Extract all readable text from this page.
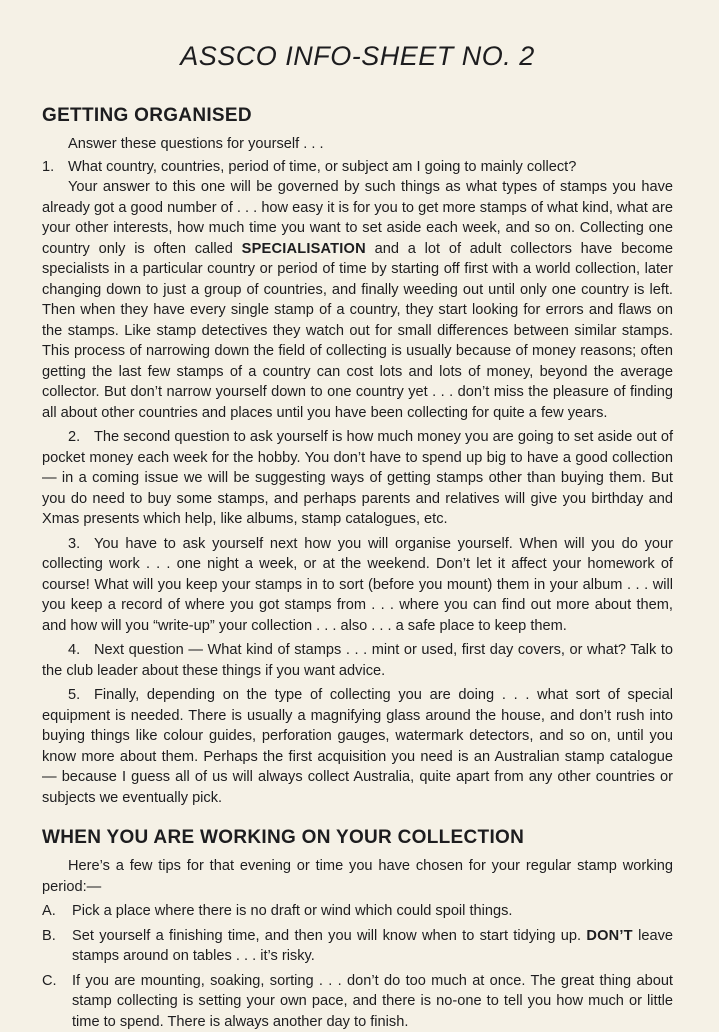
ASSCO INFO-SHEET NO. 2
GETTING ORGANISED

Answer these questions for yourself . . .

1. What country, countries, period of time, or subject am I going to mainly collect?

Your answer to this one will be governed by such things as what types of stamps you have already got a good number of . . . how easy it is for you to get more stamps of what kind, what are your other interests, how much time you want to set aside each week, and so on. Collecting one country only is often called SPECIALISATION and a lot of adult collectors have become specialists in a particular country or period of time by starting off first with a world collection, later changing down to just a group of countries, and finally weeding out until only one country is left. Then when they have every single stamp of a country, they start looking for errors and flaws on the stamps. Like stamp detectives they watch out for small differences between similar stamps. This process of narrowing down the field of collecting is usually because of money reasons; often getting the last few stamps of a country can cost lots and lots of money, beyond the average collector. But don’t narrow yourself down to one country yet . . . don’t miss the pleasure of finding all about other countries and places until you have been collecting for quite a few years.

2. The second question to ask yourself is how much money you are going to set aside out of pocket money each week for the hobby. You don’t have to spend up big to have a good collection — in a coming issue we will be suggesting ways of getting stamps other than buying them. But you do need to buy some stamps, and perhaps parents and relatives will give you birthday and Xmas presents which help, like albums, stamp catalogues, etc.

3. You have to ask yourself next how you will organise yourself. When will you do your collecting work . . . one night a week, or at the weekend. Don’t let it affect your homework of course! What will you keep your stamps in to sort (before you mount) them in your album . . . will you keep a record of where you got stamps from . . . where you can find out more about them, and how will you “write-up” your collection . . . also . . . a safe place to keep them.

4. Next question — What kind of stamps . . . mint or used, first day covers, or what? Talk to the club leader about these things if you want advice.

5. Finally, depending on the type of collecting you are doing . . . what sort of special equipment is needed. There is usually a magnifying glass around the house, and don’t rush into buying things like colour guides, perforation gauges, watermark detectors, and so on, until you know more about them. Perhaps the first acquisition you need is an Australian stamp catalogue — because I guess all of us will always collect Australia, quite apart from any other countries or subjects we eventually pick.

WHEN YOU ARE WORKING ON YOUR COLLECTION

Here’s a few tips for that evening or time you have chosen for your regular stamp working period:—

A.	Pick a place where there is no draft or wind which could spoil things.
B.	Set yourself a finishing time, and then you will know when to start tidying up. DON’T leave stamps around on tables . . . it’s risky.
C.	If you are mounting, soaking, sorting . . . don’t do too much at once. The great thing about stamp collecting is setting your own pace, and there is no-one to tell you how much or little time to spend. There is always another day to finish.
